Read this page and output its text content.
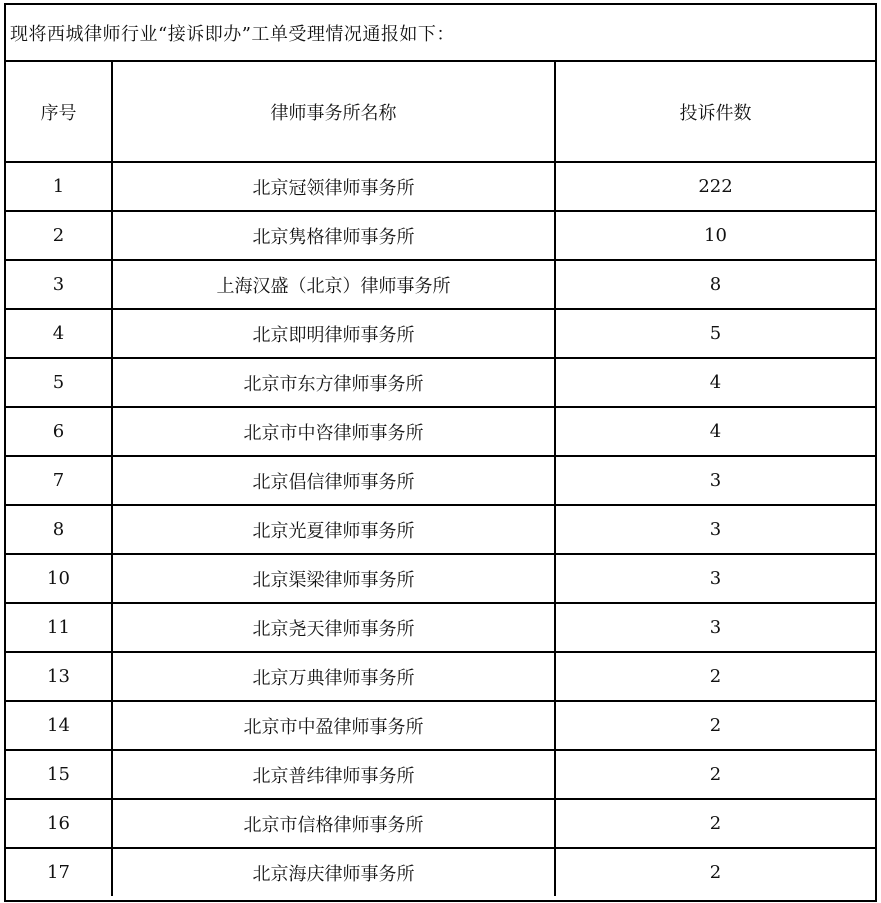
现将西城律师行业“接诉即办”工单受理情况通报如下：
序号	律师事务所名称	投诉件数
1	北京冠领律师事务所	222
2	北京隽格律师事务所	10
3	上海汉盛（北京）律师事务所	8
4	北京即明律师事务所	5
5	北京市东方律师事务所	4
6	北京市中咨律师事务所	4
7	北京倡信律师事务所	3
8	北京光夏律师事务所	3
10	北京渠梁律师事务所	3
11	北京尧天律师事务所	3
13	北京万典律师事务所	2
14	北京市中盈律师事务所	2
15	北京普纬律师事务所	2
16	北京市信格律师事务所	2
17	北京海庆律师事务所	2
